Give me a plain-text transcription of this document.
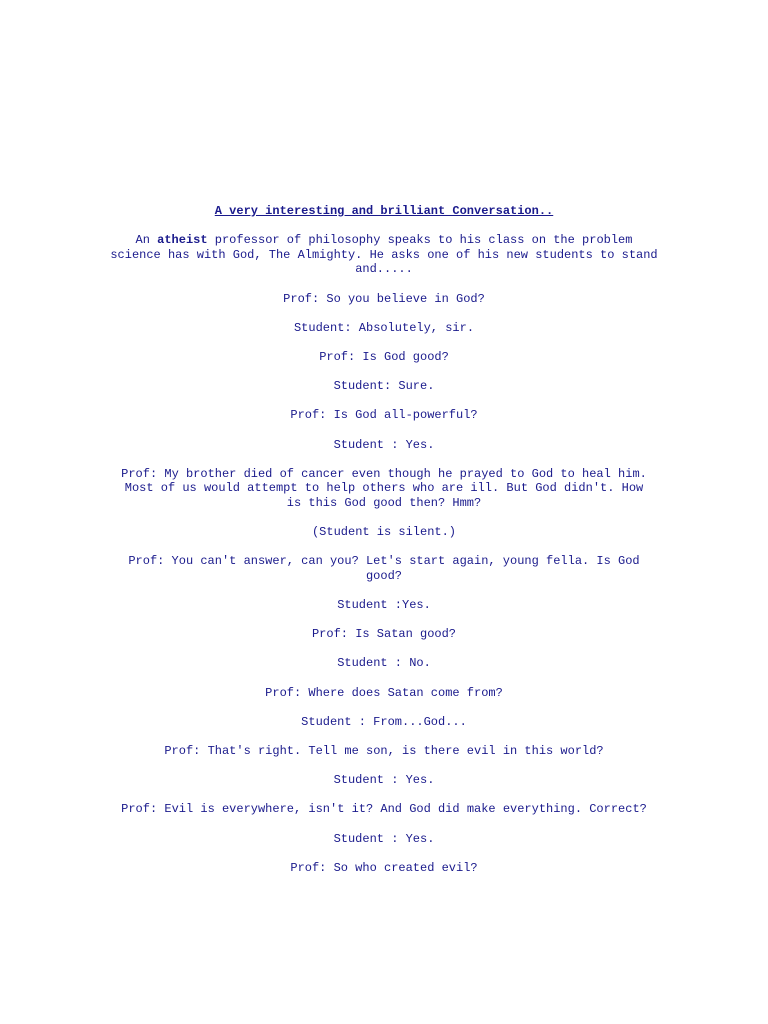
A very interesting and brilliant Conversation..
An atheist professor of philosophy speaks to his class on the problem science has with God, The Almighty. He asks one of his new students to stand and.....
Prof: So you believe in God?
Student: Absolutely, sir.
Prof: Is God good?
Student: Sure.
Prof: Is God all-powerful?
Student : Yes.
Prof: My brother died of cancer even though he prayed to God to heal him. Most of us would attempt to help others who are ill. But God didn't. How
is this God good then? Hmm?
(Student is silent.)
Prof: You can't answer, can you? Let's start again, young fella. Is God good?
Student :Yes.
Prof: Is Satan good?
Student : No.
Prof: Where does Satan come from?
Student : From...God...
Prof: That's right. Tell me son, is there evil in this world?
Student : Yes.
Prof: Evil is everywhere, isn't it? And God did make everything. Correct?
Student : Yes.
Prof: So who created evil?
